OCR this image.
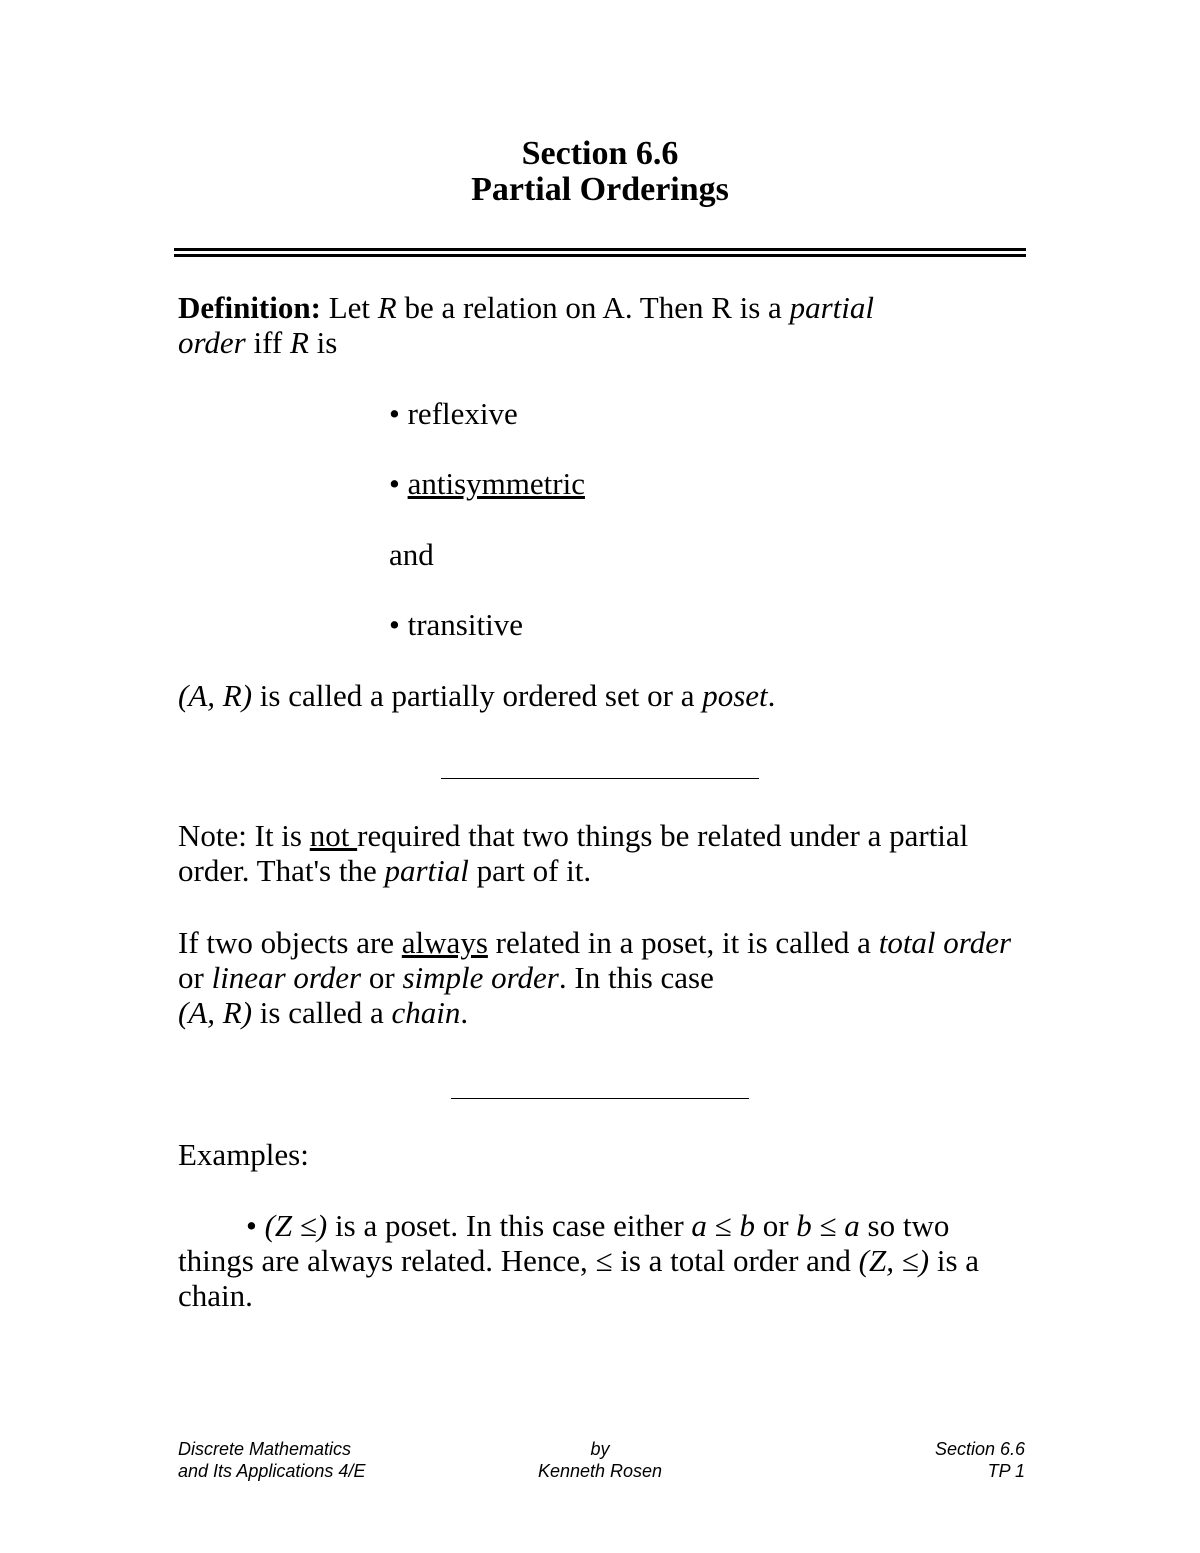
Section 6.6
Partial Orderings
Definition: Let R be a relation on A. Then R is a partial
order iff R is
• reflexive
• antisymmetric
and
• transitive
(A, R) is called a partially ordered set or a poset.
Note: It is not required that two things be related under a partial order. That's the partial part of it.
If two objects are always related in a poset, it is called a total order or linear order or simple order. In this case
(A, R) is called a chain.
Examples:
• (Z ≤) is a poset. In this case either a ≤ b or b ≤ a so two things are always related. Hence, ≤ is a total order and (Z, ≤) is a chain.
Discrete Mathematics
and Its Applications 4/E
by
Kenneth Rosen
Section 6.6
TP 1
